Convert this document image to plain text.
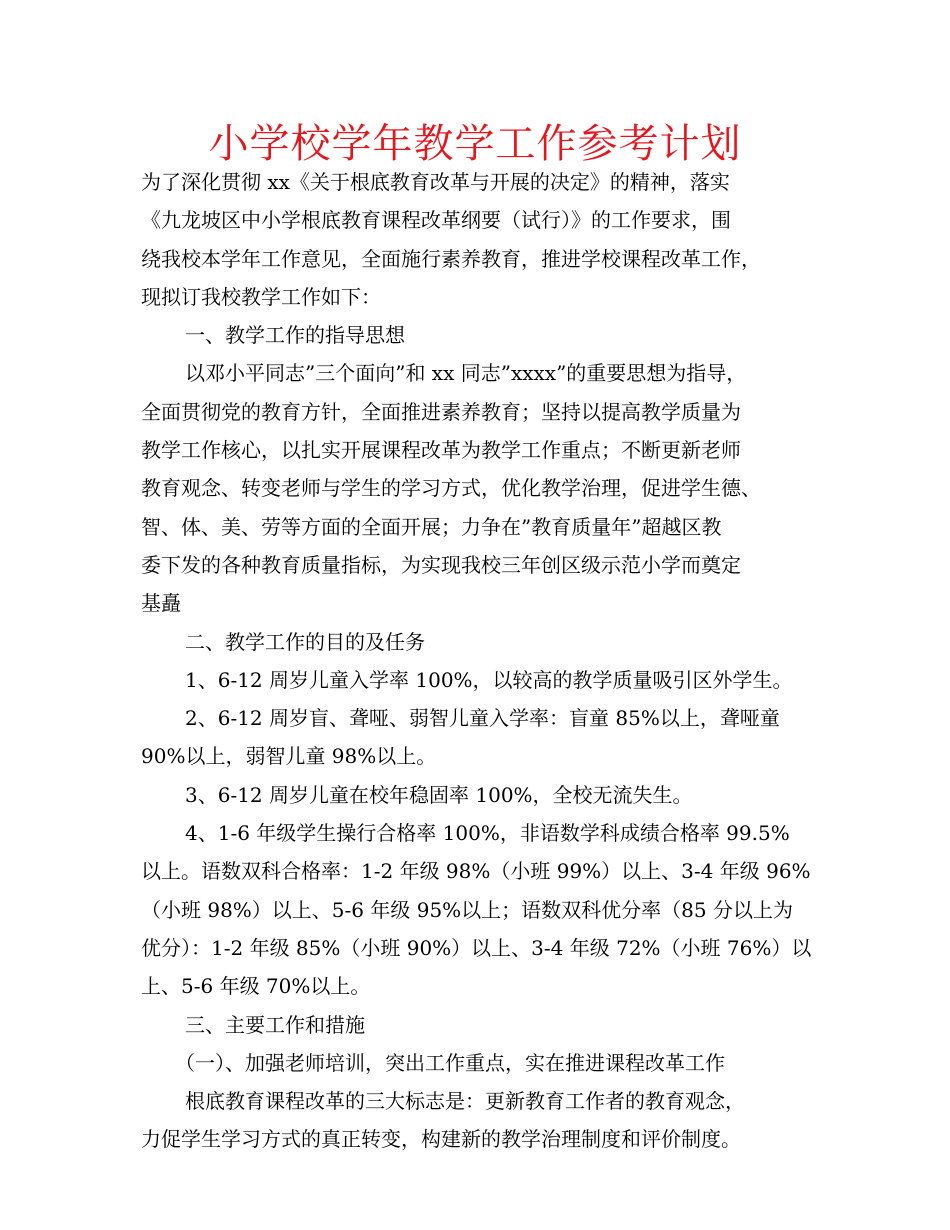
小学校学年教学工作参考计划

为了深化贯彻 xx《关于根底教育改革与开展的决定》的精神，落实

《九龙坡区中小学根底教育课程改革纲要（试行）》的工作要求，围

绕我校本学年工作意见，全面施行素养教育，推进学校课程改革工作，

现拟订我校教学工作如下：

一、教学工作的指导思想

以邓小平同志”三个面向”和 xx 同志”xxxx”的重要思想为指导，

全面贯彻党的教育方针，全面推进素养教育；坚持以提高教学质量为

教学工作核心，以扎实开展课程改革为教学工作重点；不断更新老师

教育观念、转变老师与学生的学习方式，优化教学治理，促进学生德、

智、体、美、劳等方面的全面开展；力争在”教育质量年”超越区教

委下发的各种教育质量指标，为实现我校三年创区级示范小学而奠定

基矗

二、教学工作的目的及任务

1、6-12 周岁儿童入学率 100%，以较高的教学质量吸引区外学生。

2、6-12 周岁盲、聋哑、弱智儿童入学率：盲童 85%以上，聋哑童

90%以上，弱智儿童 98%以上。

3、6-12 周岁儿童在校年稳固率 100%，全校无流失生。

4、1-6 年级学生操行合格率 100%，非语数学科成绩合格率 99.5%

以上。语数双科合格率：1-2 年级 98%（小班 99%）以上、3-4 年级 96%

（小班 98%）以上、5-6 年级 95%以上；语数双科优分率（85 分以上为

优分）：1-2 年级 85%（小班 90%）以上、3-4 年级 72%（小班 76%）以

上、5-6 年级 70%以上。

三、主要工作和措施

（一）、加强老师培训，突出工作重点，实在推进课程改革工作

根底教育课程改革的三大标志是：更新教育工作者的教育观念，

力促学生学习方式的真正转变，构建新的教学治理制度和评价制度。
